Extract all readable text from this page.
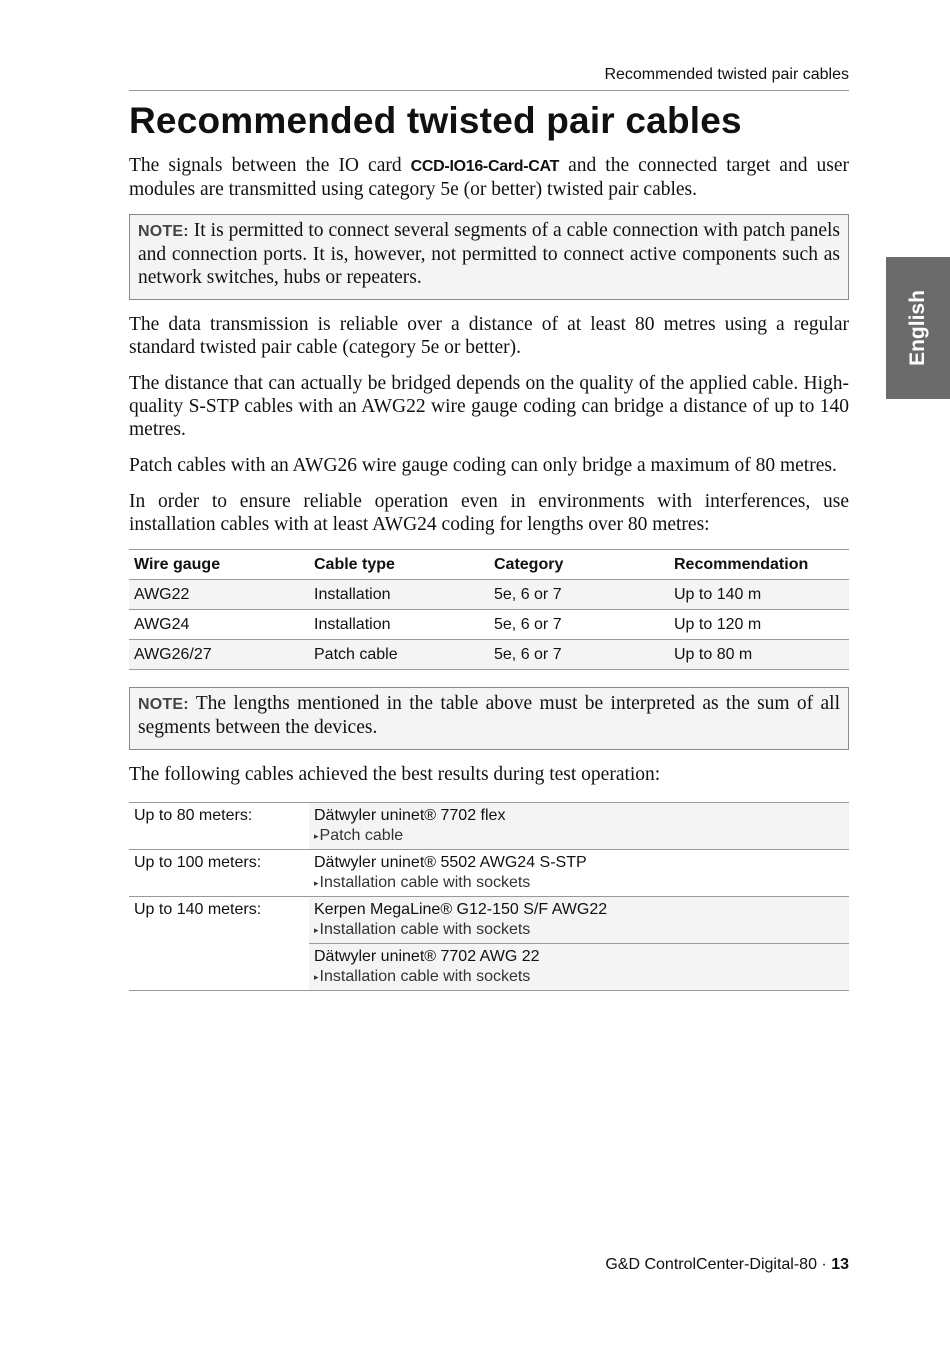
Recommended twisted pair cables
Recommended twisted pair cables
English

The signals between the IO card CCD-IO16-Card-CAT and the connected target and user modules are transmitted using category 5e (or better) twisted pair cables.

NOTE: It is permitted to connect several segments of a cable connection with patch panels and connection ports. It is, however, not permitted to connect active components such as network switches, hubs or repeaters.

The data transmission is reliable over a distance of at least 80 metres using a regular standard twisted pair cable (category 5e or better).

The distance that can actually be bridged depends on the quality of the applied cable. High-quality S-STP cables with an AWG22 wire gauge coding can bridge a distance of up to 140 metres.

Patch cables with an AWG26 wire gauge coding can only bridge a maximum of 80 metres.

In order to ensure reliable operation even in environments with interferences, use installation cables with at least AWG24 coding for lengths over 80 metres:

Wire gauge	Cable type	Category	Recommendation
AWG22	Installation	5e, 6 or 7	Up to 140 m
AWG24	Installation	5e, 6 or 7	Up to 120 m
AWG26/27	Patch cable	5e, 6 or 7	Up to 80 m
NOTE: The lengths mentioned in the table above must be interpreted as the sum of all segments between the devices.

The following cables achieved the best results during test operation:

Up to 80 meters:	Dätwyler uninet® 7702 flex
▸Patch cable

Up to 100 meters:	Dätwyler uninet® 5502 AWG24 S-STP
▸Installation cable with sockets

Up to 140 meters:	Kerpen MegaLine® G12-150 S/F AWG22
▸Installation cable with sockets

	Dätwyler uninet® 7702 AWG 22
▸Installation cable with sockets
G&D ControlCenter-Digital-80 · 13
